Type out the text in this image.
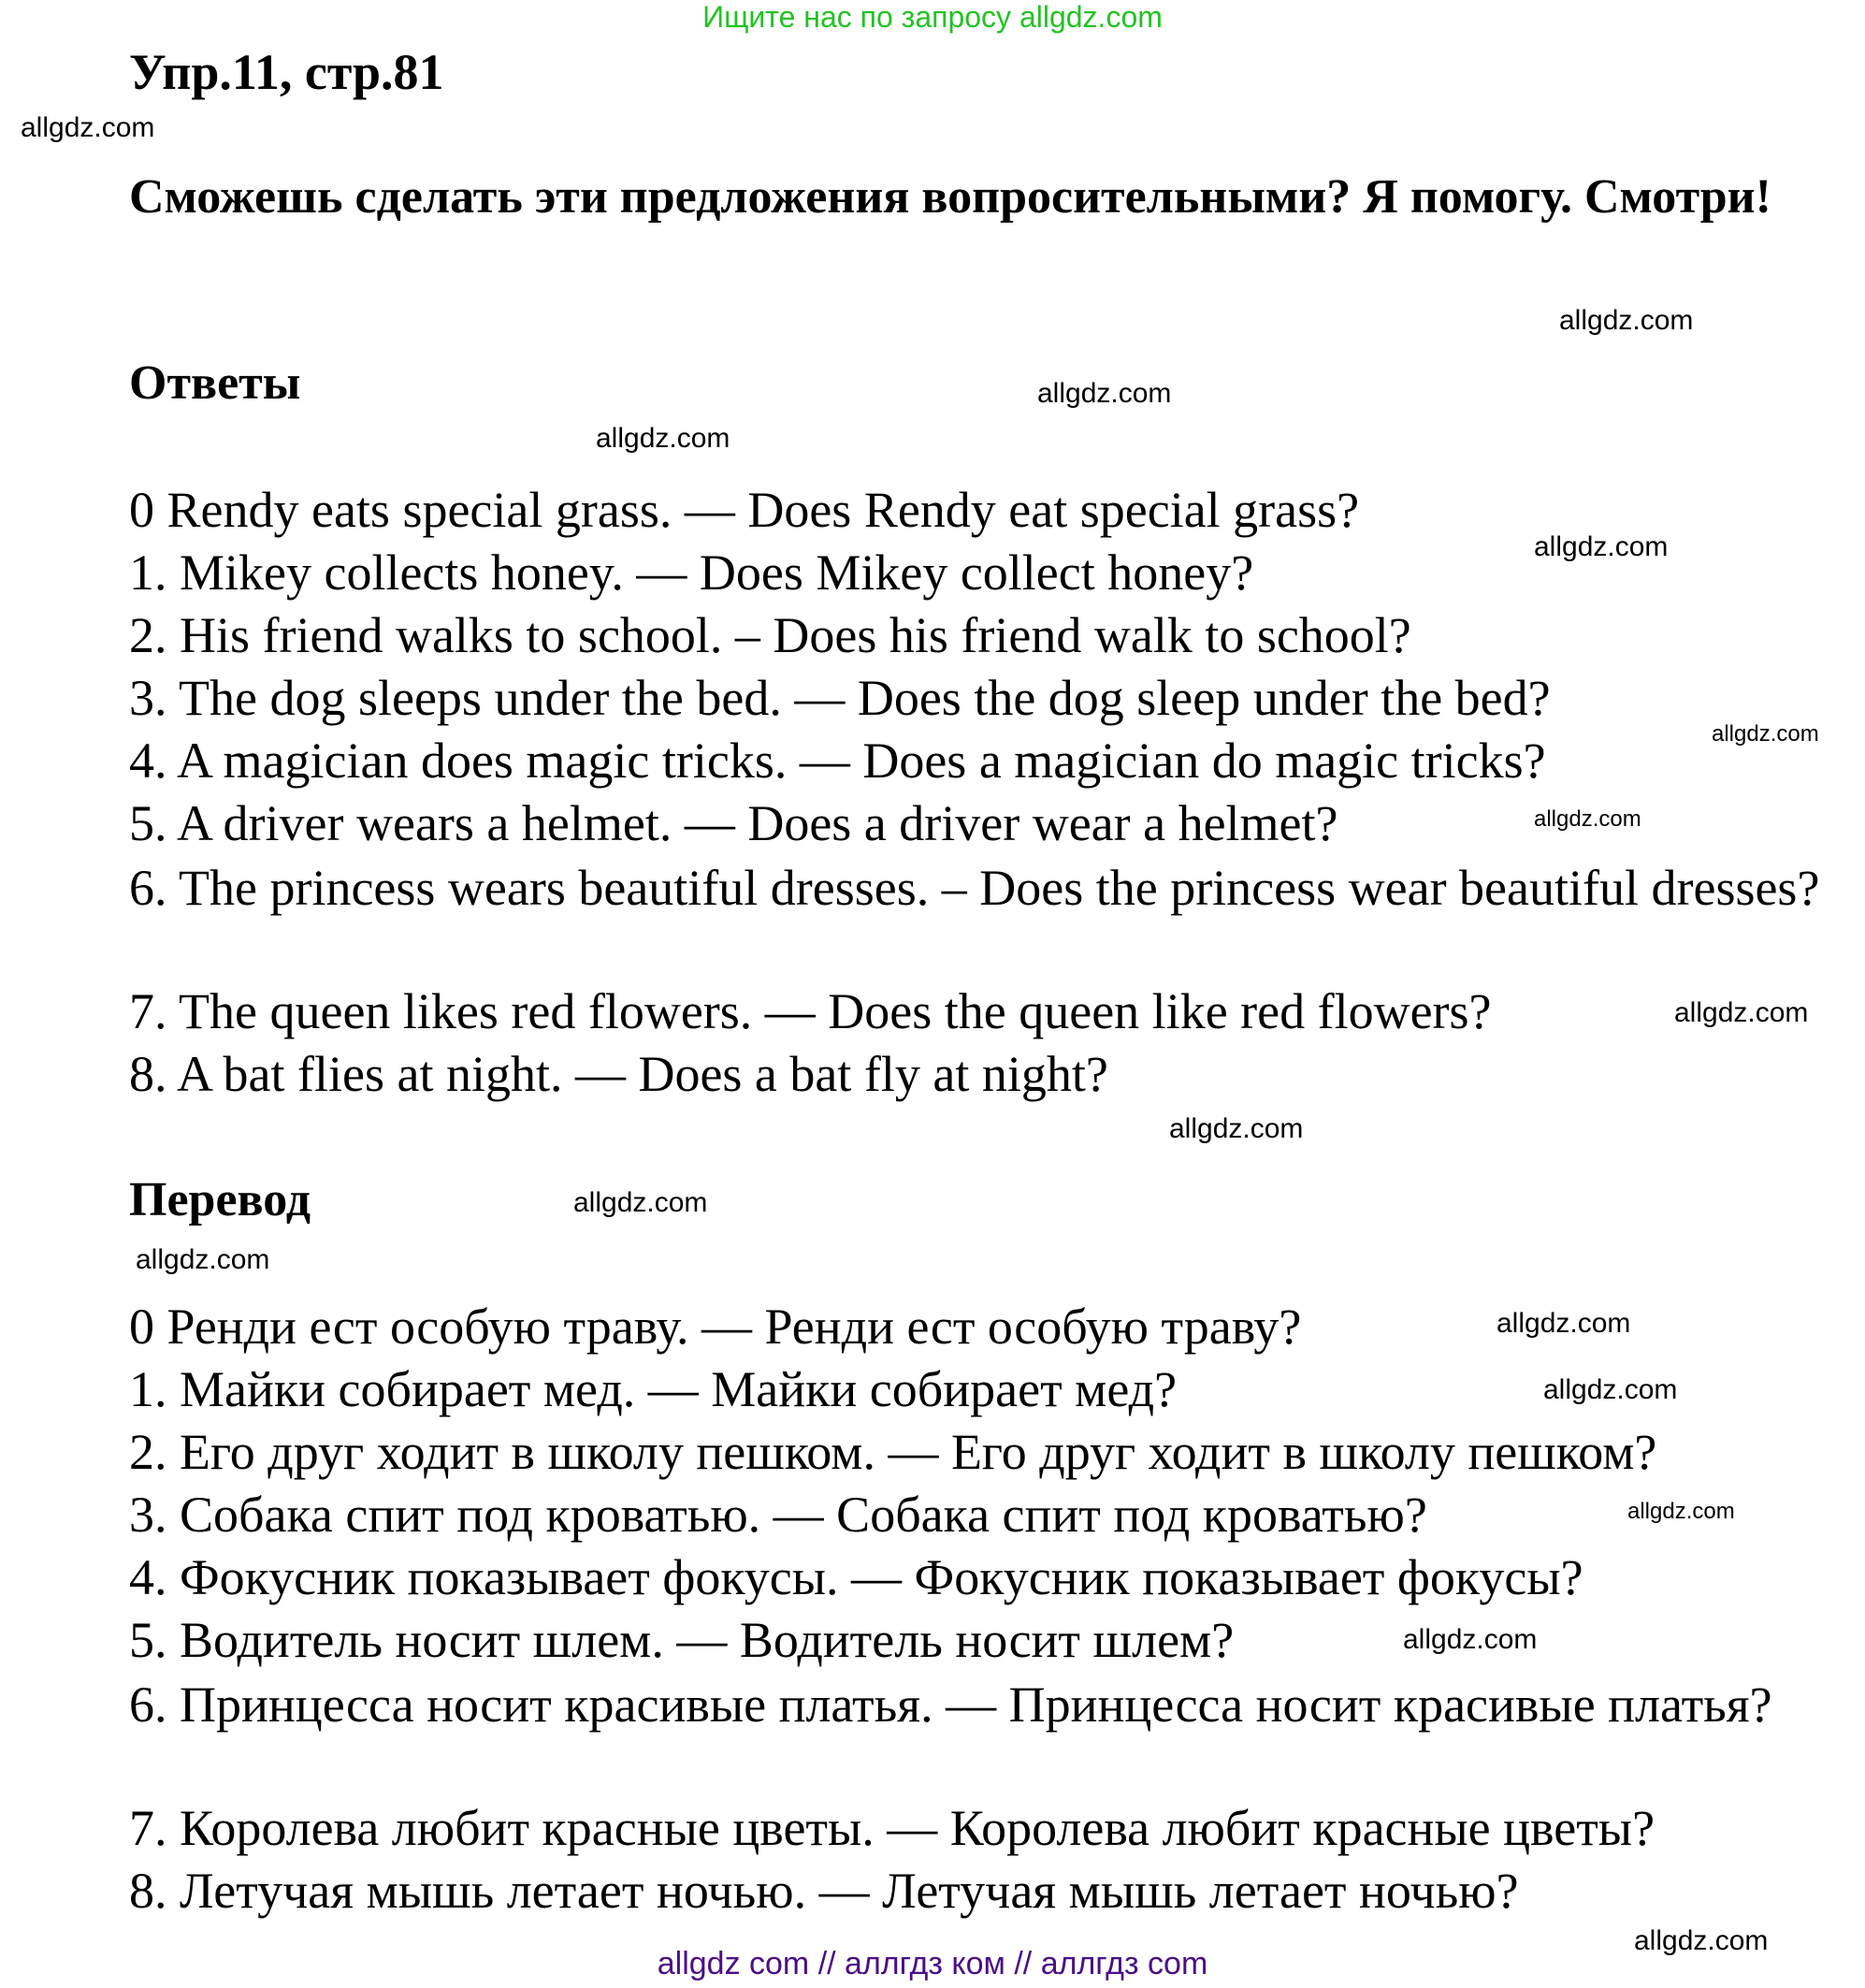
Ищите нас по запросу allgdz.com
Упр.11, стр.81
Сможешь сделать эти предложения вопросительными? Я помогу. Смотри!
Ответы
0 Rendy eats special grass. — Does Rendy eat special grass?
1. Mikey collects honey. — Does Mikey collect honey?
2. His friend walks to school. – Does his friend walk to school?
3. The dog sleeps under the bed. — Does the dog sleep under the bed?
4. A magician does magic tricks. — Does a magician do magic tricks?
5. A driver wears a helmet. — Does a driver wear a helmet?
6. The princess wears beautiful dresses. – Does the princess wear beautiful dresses?
7. The queen likes red flowers. — Does the queen like red flowers?
8. A bat flies at night. — Does a bat fly at night?
Перевод
0 Ренди ест особую траву. — Ренди ест особую траву?
1. Майки собирает мед. — Майки собирает мед?
2. Его друг ходит в школу пешком. — Его друг ходит в школу пешком?
3. Собака спит под кроватью. — Собака спит под кроватью?
4. Фокусник показывает фокусы. — Фокусник показывает фокусы?
5. Водитель носит шлем. — Водитель носит шлем?
6. Принцесса носит красивые платья. — Принцесса носит красивые платья?
7. Королева любит красные цветы. — Королева любит красные цветы?
8. Летучая мышь летает ночью. — Летучая мышь летает ночью?
allgdz.com
allgdz.com
allgdz.com
allgdz.com
allgdz.com
allgdz.com
allgdz.com
allgdz.com
allgdz.com
allgdz.com
allgdz.com
allgdz.com
allgdz.com
allgdz.com
allgdz.com
allgdz.com
allgdz com // аллгдз ком // аллгдз com
